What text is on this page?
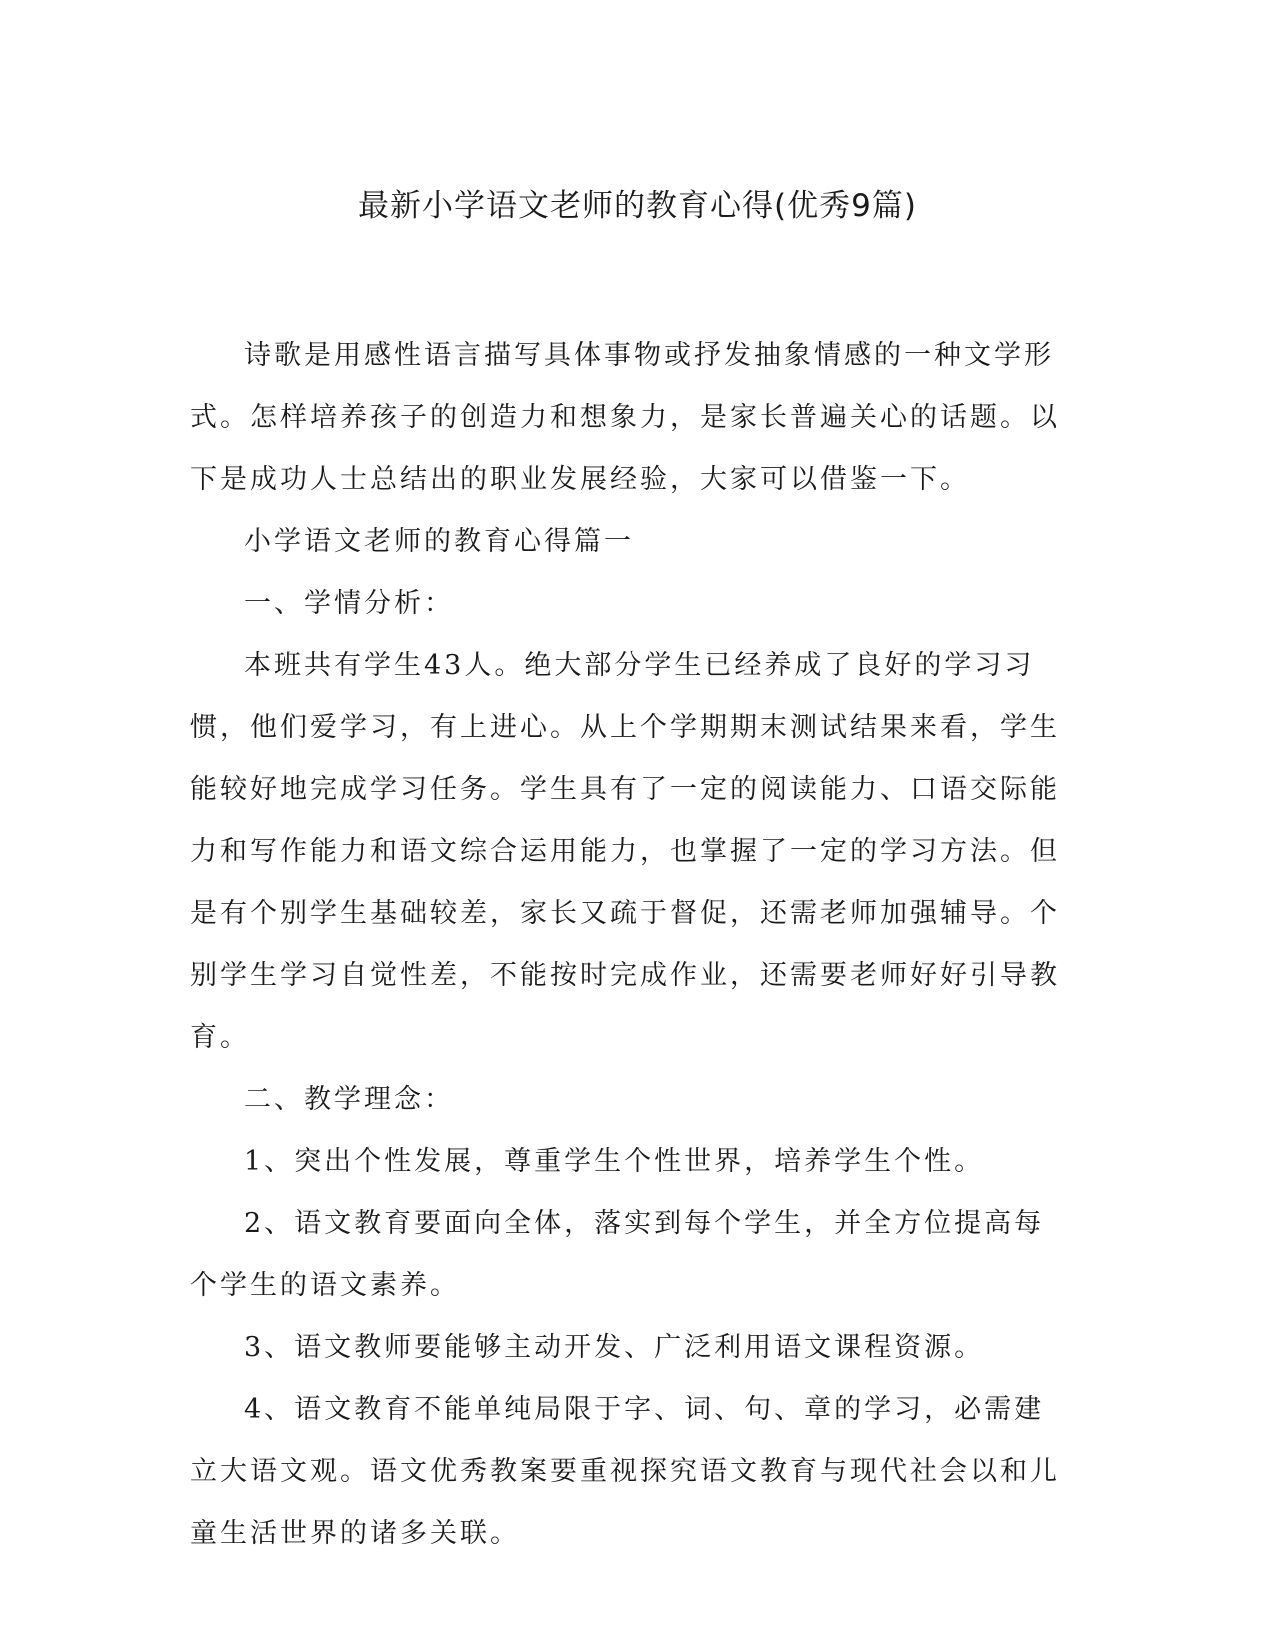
最新小学语文老师的教育心得(优秀9篇)

诗歌是用感性语言描写具体事物或抒发抽象情感的一种文学形式。怎样培养孩子的创造力和想象力，是家长普遍关心的话题。以下是成功人士总结出的职业发展经验，大家可以借鉴一下。

小学语文老师的教育心得篇一

一、学情分析：

本班共有学生43人。绝大部分学生已经养成了良好的学习习惯，他们爱学习，有上进心。从上个学期期末测试结果来看，学生能较好地完成学习任务。学生具有了一定的阅读能力、口语交际能力和写作能力和语文综合运用能力，也掌握了一定的学习方法。但是有个别学生基础较差，家长又疏于督促，还需老师加强辅导。个别学生学习自觉性差，不能按时完成作业，还需要老师好好引导教育。

二、教学理念：

1、突出个性发展，尊重学生个性世界，培养学生个性。

2、语文教育要面向全体，落实到每个学生，并全方位提高每个学生的语文素养。

3、语文教师要能够主动开发、广泛利用语文课程资源。

4、语文教育不能单纯局限于字、词、句、章的学习，必需建立大语文观。语文优秀教案要重视探究语文教育与现代社会以和儿童生活世界的诸多关联。
